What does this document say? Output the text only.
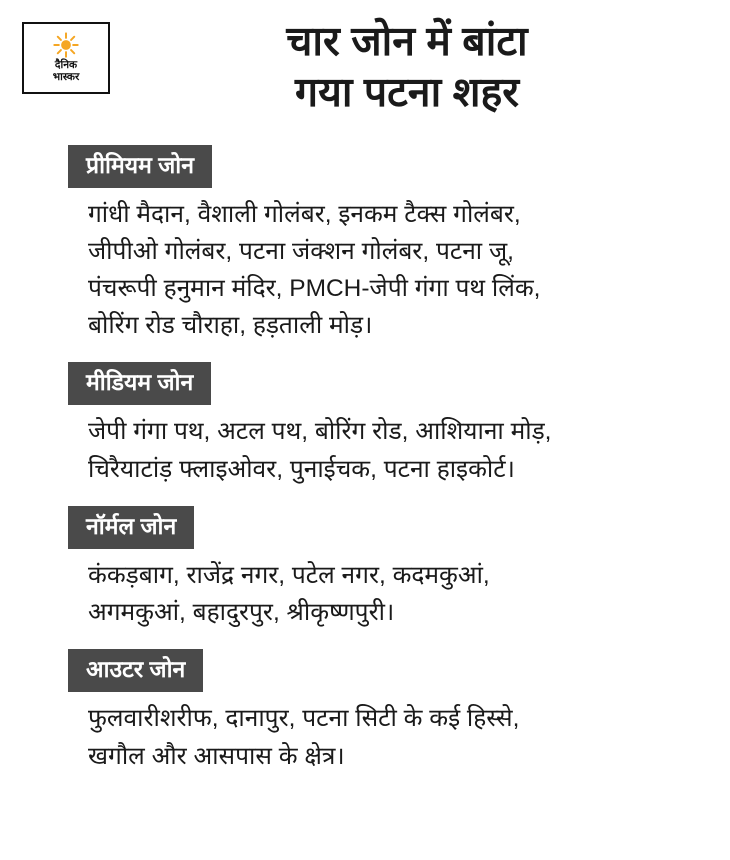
दैनिक
भास्कर
चार जोन में बांटा
गया पटना शहर
प्रीमियम जोन
गांधी मैदान, वैशाली गोलंबर, इनकम टैक्स गोलंबर,
जीपीओ गोलंबर, पटना जंक्शन गोलंबर, पटना जू,
पंचरूपी हनुमान मंदिर, PMCH-जेपी गंगा पथ लिंक,
बोरिंग रोड चौराहा, हड़ताली मोड़।
मीडियम जोन
जेपी गंगा पथ, अटल पथ, बोरिंग रोड, आशियाना मोड़,
चिरैयाटांड़ फ्लाइओवर, पुनाईचक, पटना हाइकोर्ट।
नॉर्मल जोन
कंकड़बाग, राजेंद्र नगर, पटेल नगर, कदमकुआं,
अगमकुआं, बहादुरपुर, श्रीकृष्णपुरी।
आउटर जोन
फुलवारीशरीफ, दानापुर, पटना सिटी के कई हिस्से,
खगौल और आसपास के क्षेत्र।
